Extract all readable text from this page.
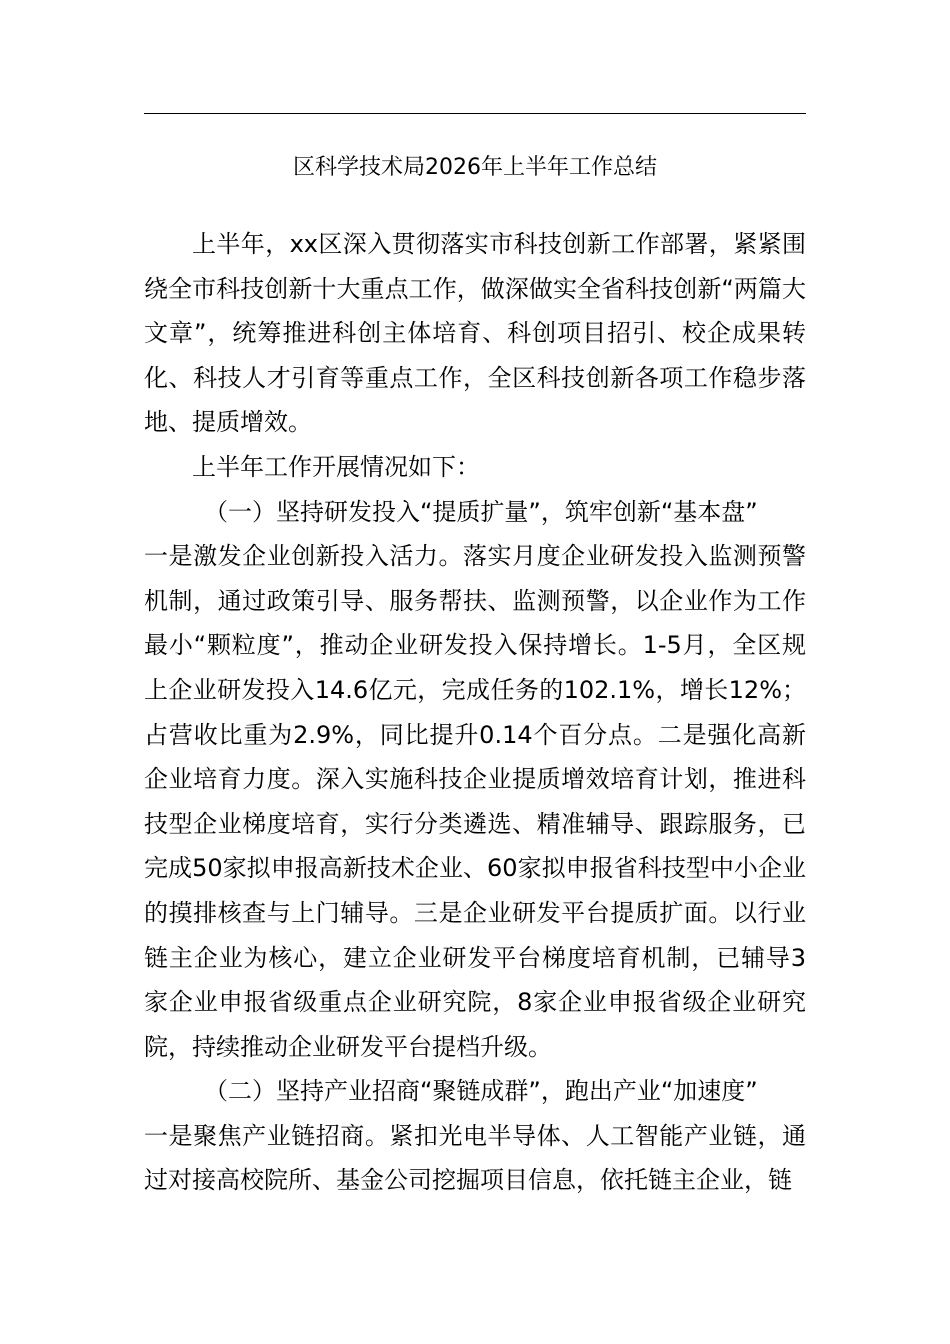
区科学技术局2026年上半年工作总结

上半年，xx区深入贯彻落实市科技创新工作部署，紧紧围绕全市科技创新十大重点工作，做深做实全省科技创新“两篇大文章”，统筹推进科创主体培育、科创项目招引、校企成果转化、科技人才引育等重点工作，全区科技创新各项工作稳步落地、提质增效。

上半年工作开展情况如下：

（一）坚持研发投入“提质扩量”，筑牢创新“基本盘”

一是激发企业创新投入活力。落实月度企业研发投入监测预警机制，通过政策引导、服务帮扶、监测预警，以企业作为工作最小“颗粒度”，推动企业研发投入保持增长。1-5月，全区规上企业研发投入14.6亿元，完成任务的102.1%，增长12%；占营收比重为2.9%，同比提升0.14个百分点。二是强化高新企业培育力度。深入实施科技企业提质增效培育计划，推进科技型企业梯度培育，实行分类遴选、精准辅导、跟踪服务，已完成50家拟申报高新技术企业、60家拟申报省科技型中小企业的摸排核查与上门辅导。三是企业研发平台提质扩面。以行业链主企业为核心，建立企业研发平台梯度培育机制，已辅导3家企业申报省级重点企业研究院，8家企业申报省级企业研究院，持续推动企业研发平台提档升级。

（二）坚持产业招商“聚链成群”，跑出产业“加速度”

一是聚焦产业链招商。紧扣光电半导体、人工智能产业链，通过对接高校院所、基金公司挖掘项目信息，依托链主企业，链
